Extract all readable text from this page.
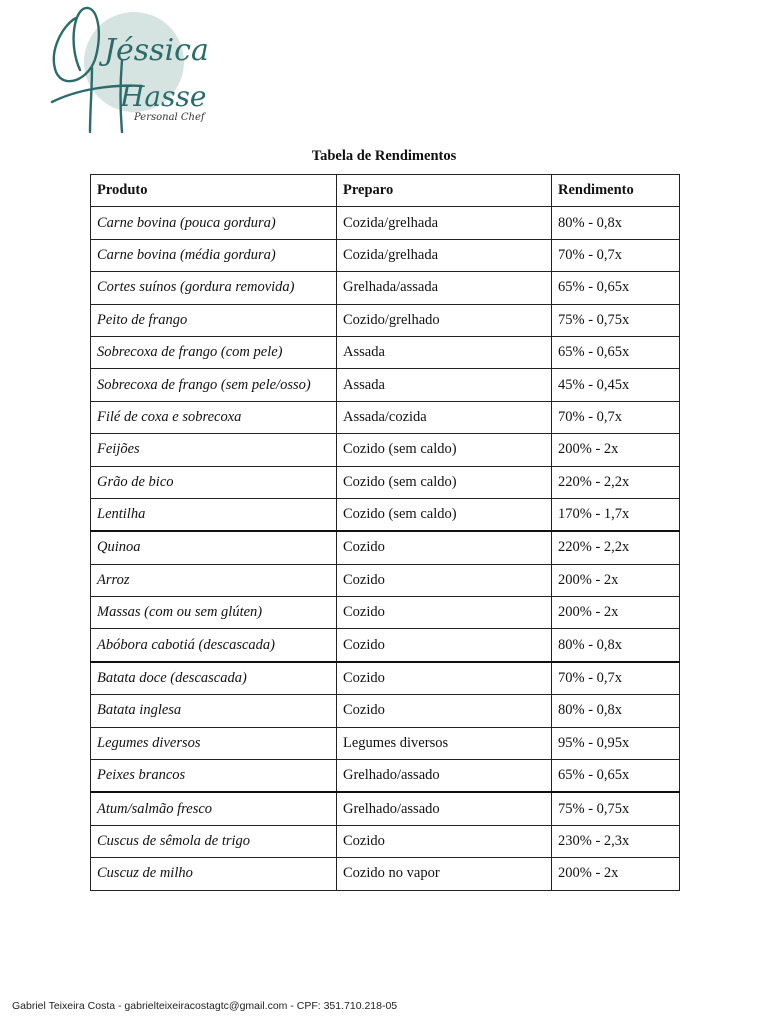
Jéssica
Hasse
Personal Chef
Tabela de Rendimentos
Produto	Preparo	Rendimento
Carne bovina (pouca gordura)	Cozida/grelhada	80% - 0,8x
Carne bovina (média gordura)	Cozida/grelhada	70% - 0,7x
Cortes suínos (gordura removida)	Grelhada/assada	65% - 0,65x
Peito de frango	Cozido/grelhado	75% - 0,75x
Sobrecoxa de frango (com pele)	Assada	65% - 0,65x
Sobrecoxa de frango (sem pele/osso)	Assada	45% - 0,45x
Filé de coxa e sobrecoxa	Assada/cozida	70% - 0,7x
Feijões	Cozido (sem caldo)	200% - 2x
Grão de bico	Cozido (sem caldo)	220% - 2,2x
Lentilha	Cozido (sem caldo)	170% - 1,7x
Quinoa	Cozido	220% - 2,2x
Arroz	Cozido	200% - 2x
Massas (com ou sem glúten)	Cozido	200% - 2x
Abóbora cabotiá (descascada)	Cozido	80% - 0,8x
Batata doce (descascada)	Cozido	70% - 0,7x
Batata inglesa	Cozido	80% - 0,8x
Legumes diversos	Legumes diversos	95% - 0,95x
Peixes brancos	Grelhado/assado	65% - 0,65x
Atum/salmão fresco	Grelhado/assado	75% - 0,75x
Cuscus de sêmola de trigo	Cozido	230% - 2,3x
Cuscuz de milho	Cozido no vapor	200% - 2x
Gabriel Teixeira Costa - gabrielteixeiracostagtc@gmail.com - CPF: 351.710.218-05
